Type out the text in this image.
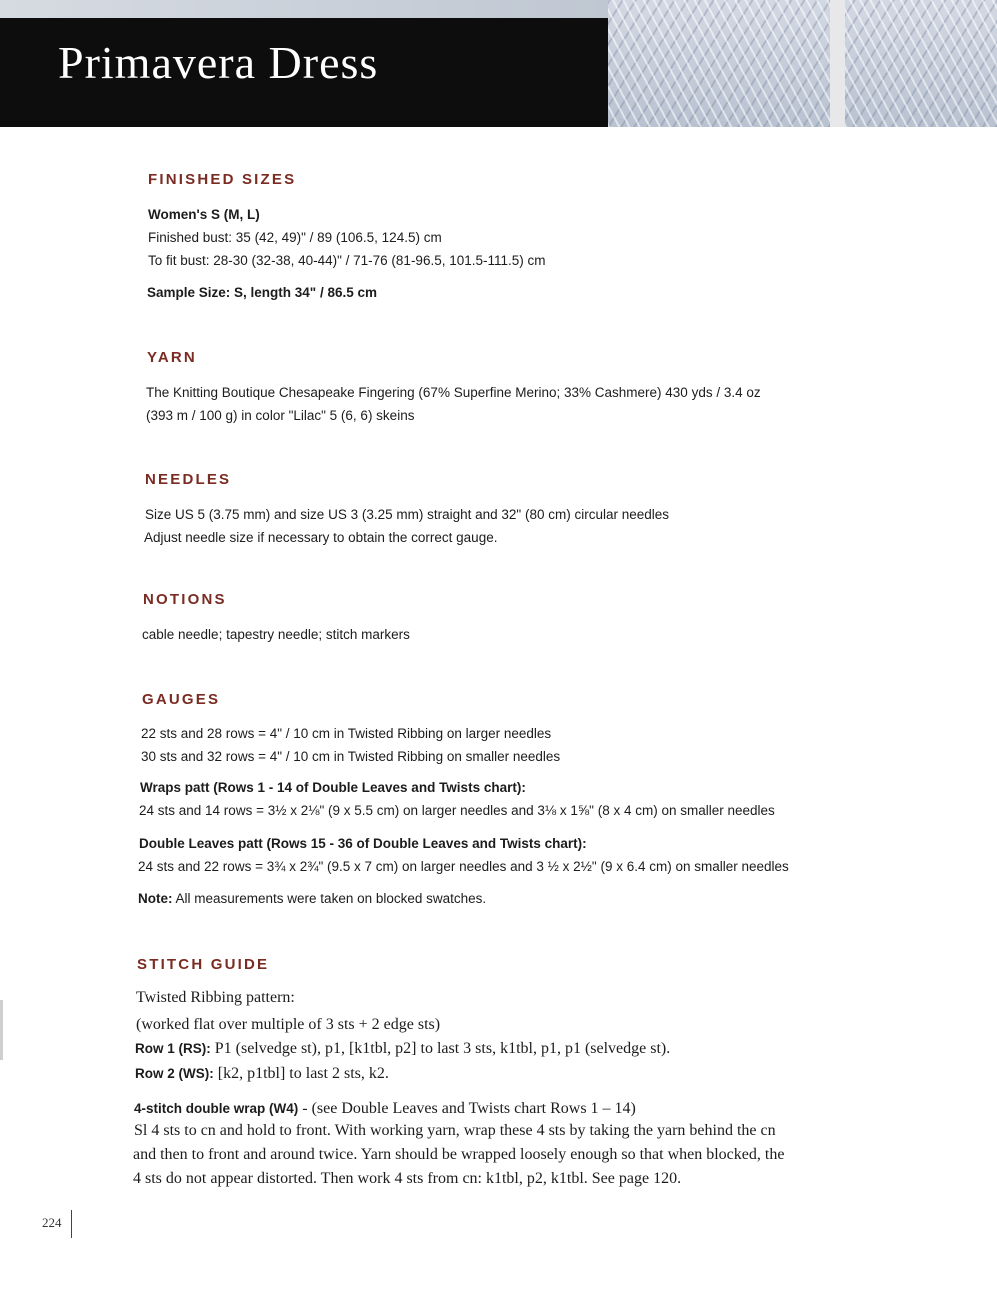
Primavera Dress
FINISHED SIZES

Women's S (M, L)

Finished bust: 35 (42, 49)" / 89 (106.5, 124.5) cm

To fit bust: 28-30 (32-38, 40-44)" / 71-76 (81-96.5, 101.5-111.5) cm

Sample Size: S, length 34" / 86.5 cm

YARN

The Knitting Boutique Chesapeake Fingering (67% Superfine Merino; 33% Cashmere) 430 yds / 3.4 oz

(393 m / 100 g) in color "Lilac" 5 (6, 6) skeins

NEEDLES

Size US 5 (3.75 mm) and size US 3 (3.25 mm) straight and 32" (80 cm) circular needles

Adjust needle size if necessary to obtain the correct gauge.

NOTIONS

cable needle; tapestry needle; stitch markers

GAUGES

22 sts and 28 rows = 4" / 10 cm in Twisted Ribbing on larger needles

30 sts and 32 rows = 4" / 10 cm in Twisted Ribbing on smaller needles

Wraps patt (Rows 1 - 14 of Double Leaves and Twists chart):

24 sts and 14 rows = 3½ x 2⅛" (9 x 5.5 cm) on larger needles and 3⅛ x 1⅝" (8 x 4 cm) on smaller needles

Double Leaves patt (Rows 15 - 36 of Double Leaves and Twists chart):

24 sts and 22 rows = 3¾ x 2¾" (9.5 x 7 cm) on larger needles and 3 ½ x 2½" (9 x 6.4 cm) on smaller needles

Note: All measurements were taken on blocked swatches.

STITCH GUIDE

Twisted Ribbing pattern:

(worked flat over multiple of 3 sts + 2 edge sts)

Row 1 (RS): P1 (selvedge st), p1, [k1tbl, p2] to last 3 sts, k1tbl, p1, p1 (selvedge st).

Row 2 (WS): [k2, p1tbl] to last 2 sts, k2.

4-stitch double wrap (W4) - (see Double Leaves and Twists chart Rows 1 – 14)

Sl 4 sts to cn and hold to front. With working yarn, wrap these 4 sts by taking the yarn behind the cn

and then to front and around twice. Yarn should be wrapped loosely enough so that when blocked, the

4 sts do not appear distorted. Then work 4 sts from cn: k1tbl, p2, k1tbl. See page 120.

224
